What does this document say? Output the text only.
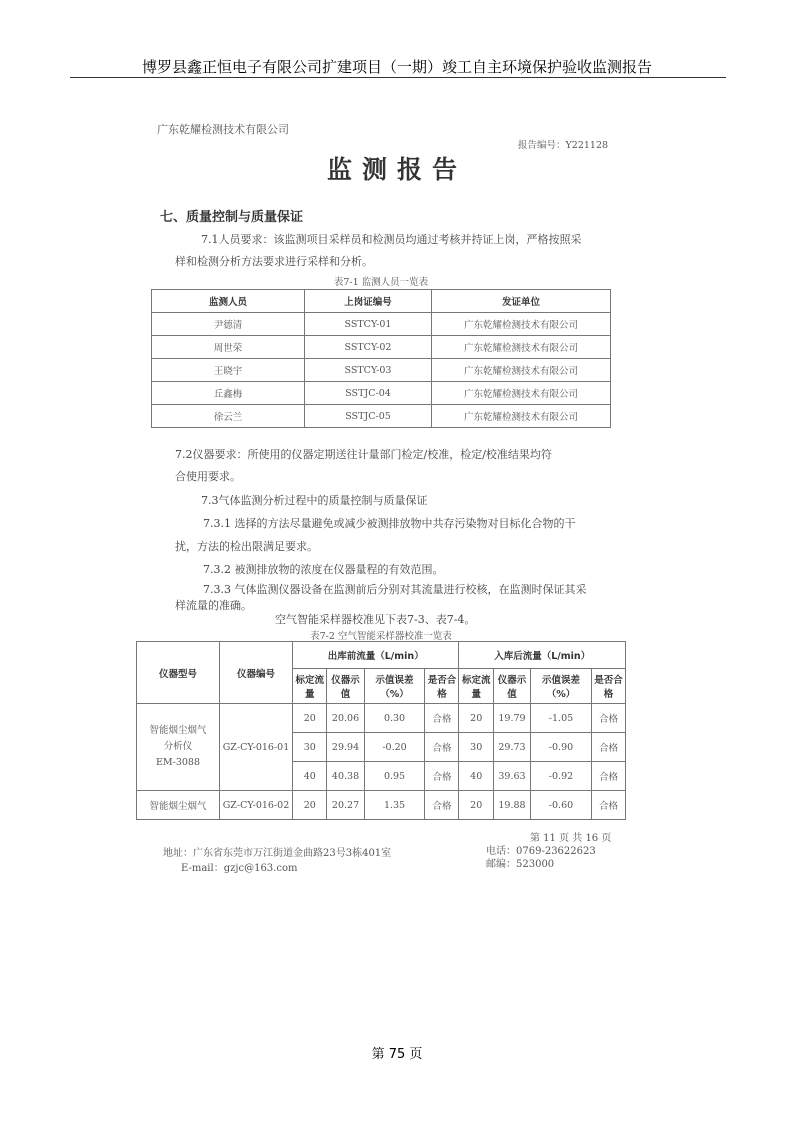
博罗县鑫正恒电子有限公司扩建项目（一期）竣工自主环境保护验收监测报告
广东乾耀检测技术有限公司
报告编号：Y221128
监测报告
七、质量控制与质量保证
7.1人员要求：该监测项目采样员和检测员均通过考核并持证上岗，严格按照采
样和检测分析方法要求进行采样和分析。
表7-1 监测人员一览表
监测人员	上岗证编号	发证单位
尹德清	SSTCY-01	广东乾耀检测技术有限公司
周世荣	SSTCY-02	广东乾耀检测技术有限公司
王晓宇	SSTCY-03	广东乾耀检测技术有限公司
丘鑫梅	SSTJC-04	广东乾耀检测技术有限公司
徐云兰	SSTJC-05	广东乾耀检测技术有限公司
7.2仪器要求：所使用的仪器定期送往计量部门检定/校准，检定/校准结果均符
合使用要求。
7.3气体监测分析过程中的质量控制与质量保证
7.3.1 选择的方法尽量避免或减少被测排放物中共存污染物对目标化合物的干
扰，方法的检出限满足要求。
7.3.2 被测排放物的浓度在仪器量程的有效范围。
7.3.3 气体监测仪器设备在监测前后分别对其流量进行校核，在监测时保证其采
样流量的准确。
空气智能采样器校准见下表7-3、表7-4。
表7-2 空气智能采样器校准一览表
仪器型号	仪器编号	出库前流量（L/min）				入库后流量（L/min）			
		标定流量	仪器示值	示值误差（%）	是否合格	标定流量	仪器示值	示值误差（%）	是否合格

智能烟尘烟气
分析仪
EM-3088	GZ-CY-016-01	20	20.06	0.30	合格	20	19.79	-1.05	合格
		30	29.94	-0.20	合格	30	29.73	-0.90	合格
		40	40.38	0.95	合格	40	39.63	-0.92	合格
智能烟尘烟气	GZ-CY-016-02	20	20.27	1.35	合格	20	19.88	-0.60	合格
地址：广东省东莞市万江街道金曲路23号3栋401室
E-mail：gzjc@163.com
第 11 页 共 16 页
电话：0769-23622623
邮编：523000
第 75 页
